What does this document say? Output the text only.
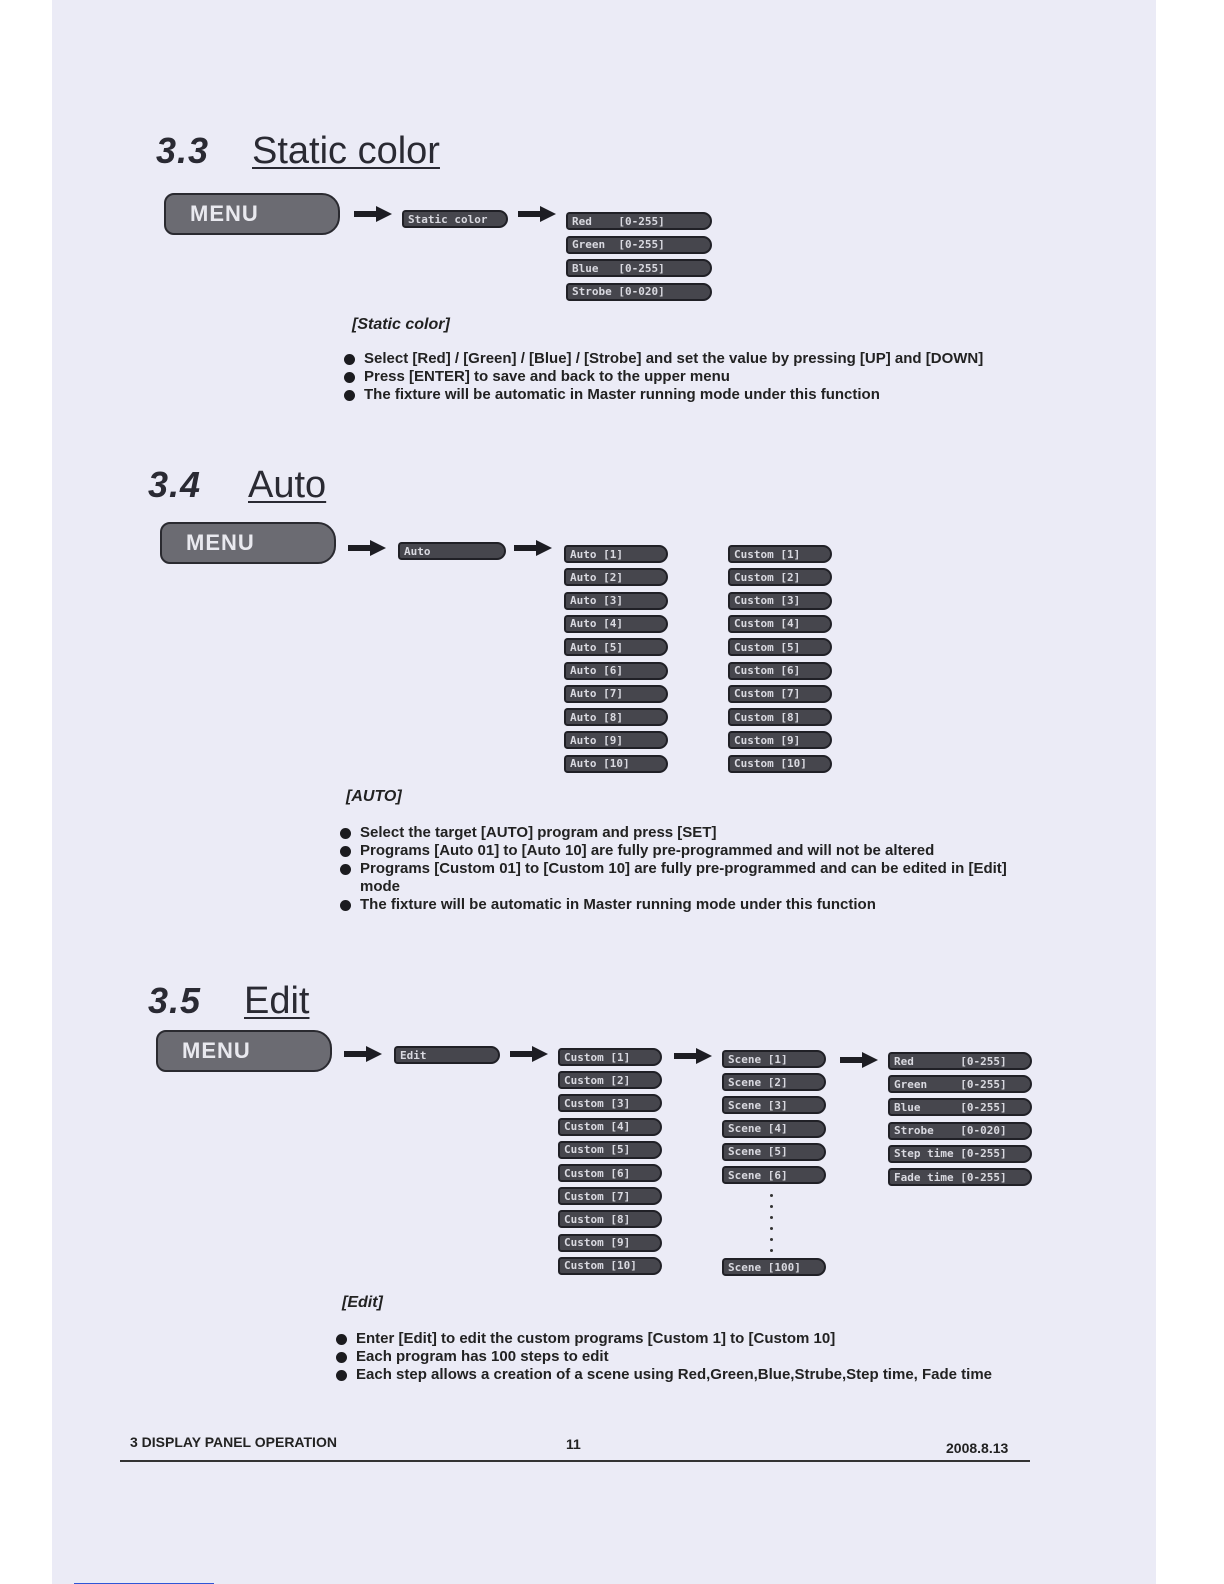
3.3 Static color
MENU	Static color	Red    [0-255]
Green  [0-255]
Blue   [0-255]
Strobe [0-020]
[Static color]
Select [Red] / [Green] / [Blue] / [Strobe] and set the value by pressing [UP] and [DOWN]
Press [ENTER] to save and back to the upper menu
The fixture will be automatic in Master running mode under this function
3.4 Auto
MENU	Auto	Auto [1]
Auto [2]
Auto [3]
Auto [4]
Auto [5]
Auto [6]
Auto [7]
Auto [8]
Auto [9]
Auto [10]
Custom [1]
Custom [2]
Custom [3]
Custom [4]
Custom [5]
Custom [6]
Custom [7]
Custom [8]
Custom [9]
Custom [10]
[AUTO]
Select the target [AUTO] program and press [SET]
Programs [Auto 01] to [Auto 10] are fully pre-programmed and will not be altered
Programs [Custom 01] to [Custom 10] are fully pre-programmed and can be edited in [Edit] mode
The fixture will be automatic in Master running mode under this function
3.5 Edit
MENU	Edit	Custom [1]
Custom [2]
Custom [3]
Custom [4]
Custom [5]
Custom [6]
Custom [7]
Custom [8]
Custom [9]
Custom [10]
Scene [1]
Scene [2]
Scene [3]
Scene [4]
Scene [5]
Scene [6]
Scene [100]
Red       [0-255]
Green     [0-255]
Blue      [0-255]
Strobe    [0-020]
Step time [0-255]
Fade time [0-255]
[Edit]
Enter [Edit] to edit the custom programs [Custom 1] to [Custom 10]
Each program has 100 steps to edit
Each step allows a creation of a scene using Red,Green,Blue,Strube,Step time, Fade time
3 DISPLAY PANEL OPERATION	11	2008.8.13
